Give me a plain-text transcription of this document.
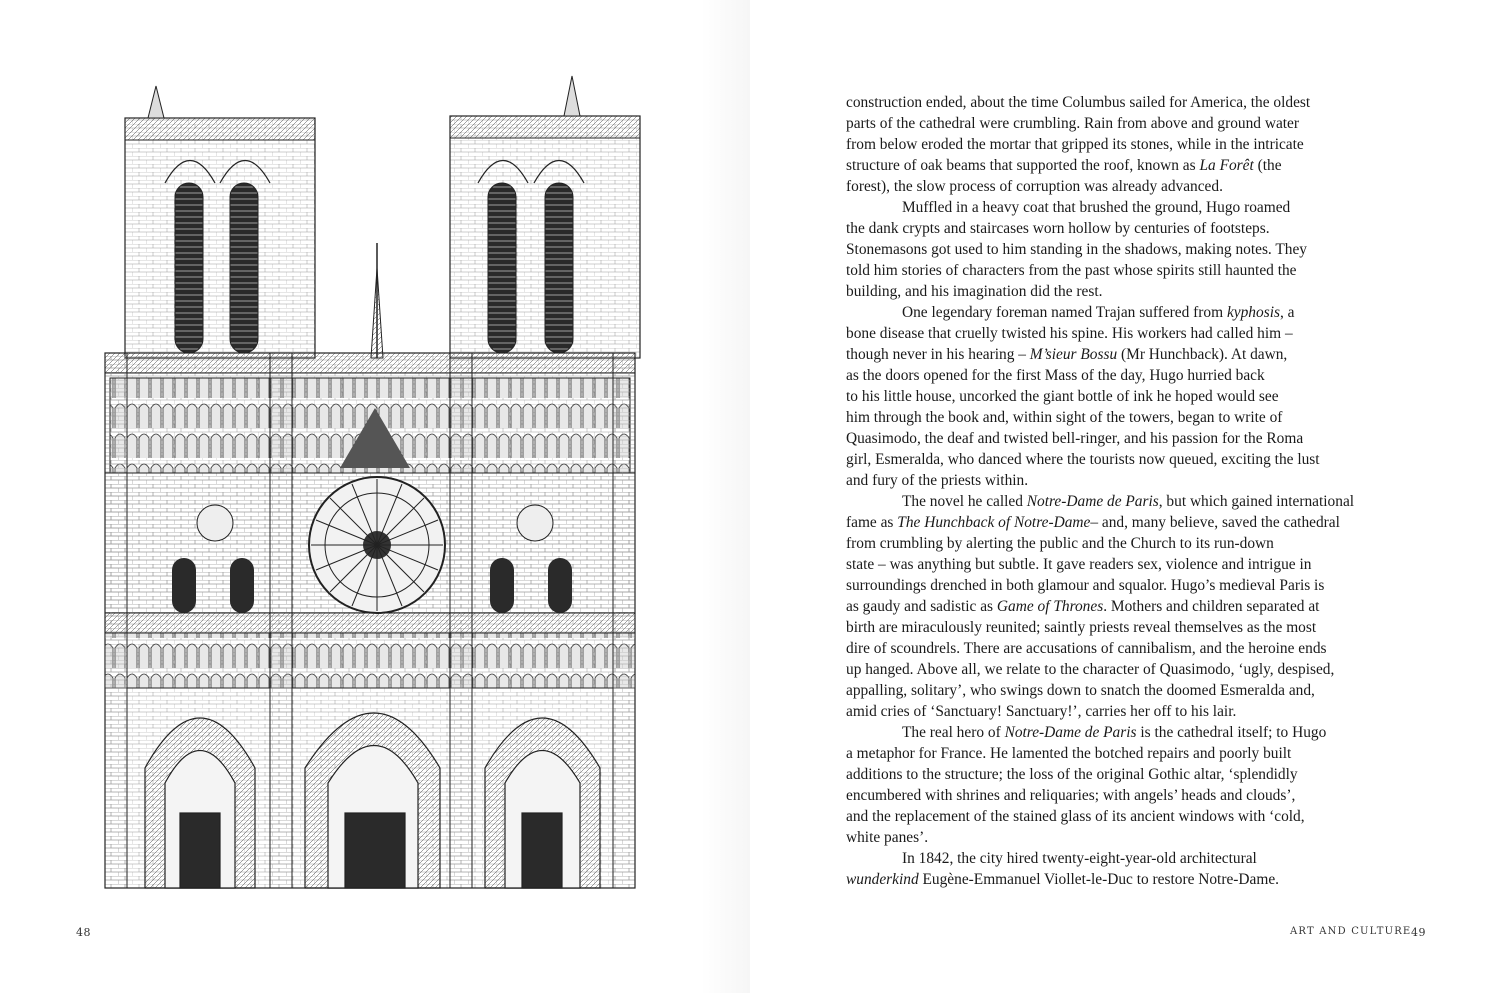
48
construction ended, about the time Columbus sailed for America, the oldest
parts of the cathedral were crumbling. Rain from above and ground water
from below eroded the mortar that gripped its stones, while in the intricate
structure of oak beams that supported the roof, known as La Forêt (the
forest), the slow process of corruption was already advanced.
Muffled in a heavy coat that brushed the ground, Hugo roamed
the dank crypts and staircases worn hollow by centuries of footsteps.
Stonemasons got used to him standing in the shadows, making notes. They
told him stories of characters from the past whose spirits still haunted the
building, and his imagination did the rest.
One legendary foreman named Trajan suffered from kyphosis, a
bone disease that cruelly twisted his spine. His workers had called him –
though never in his hearing – M’sieur Bossu (Mr Hunchback). At dawn,
as the doors opened for the first Mass of the day, Hugo hurried back
to his little house, uncorked the giant bottle of ink he hoped would see
him through the book and, within sight of the towers, began to write of
Quasimodo, the deaf and twisted bell-ringer, and his passion for the Roma
girl, Esmeralda, who danced where the tourists now queued, exciting the lust
and fury of the priests within.
The novel he called Notre-Dame de Paris, but which gained international
fame as The Hunchback of Notre-Dame– and, many believe, saved the cathedral
from crumbling by alerting the public and the Church to its run-down
state – was anything but subtle. It gave readers sex, violence and intrigue in
surroundings drenched in both glamour and squalor. Hugo’s medieval Paris is
as gaudy and sadistic as Game of Thrones. Mothers and children separated at
birth are miraculously reunited; saintly priests reveal themselves as the most
dire of scoundrels. There are accusations of cannibalism, and the heroine ends
up hanged. Above all, we relate to the character of Quasimodo, ‘ugly, despised,
appalling, solitary’, who swings down to snatch the doomed Esmeralda and,
amid cries of ‘Sanctuary! Sanctuary!’, carries her off to his lair.
The real hero of Notre-Dame de Paris is the cathedral itself; to Hugo
a metaphor for France. He lamented the botched repairs and poorly built
additions to the structure; the loss of the original Gothic altar, ‘splendidly
encumbered with shrines and reliquaries; with angels’ heads and clouds’,
and the replacement of the stained glass of its ancient windows with ‘cold,
white panes’.
In 1842, the city hired twenty-eight-year-old architectural
wunderkind Eugène-Emmanuel Viollet-le-Duc to restore Notre-Dame.
ART AND CULTURE 49
